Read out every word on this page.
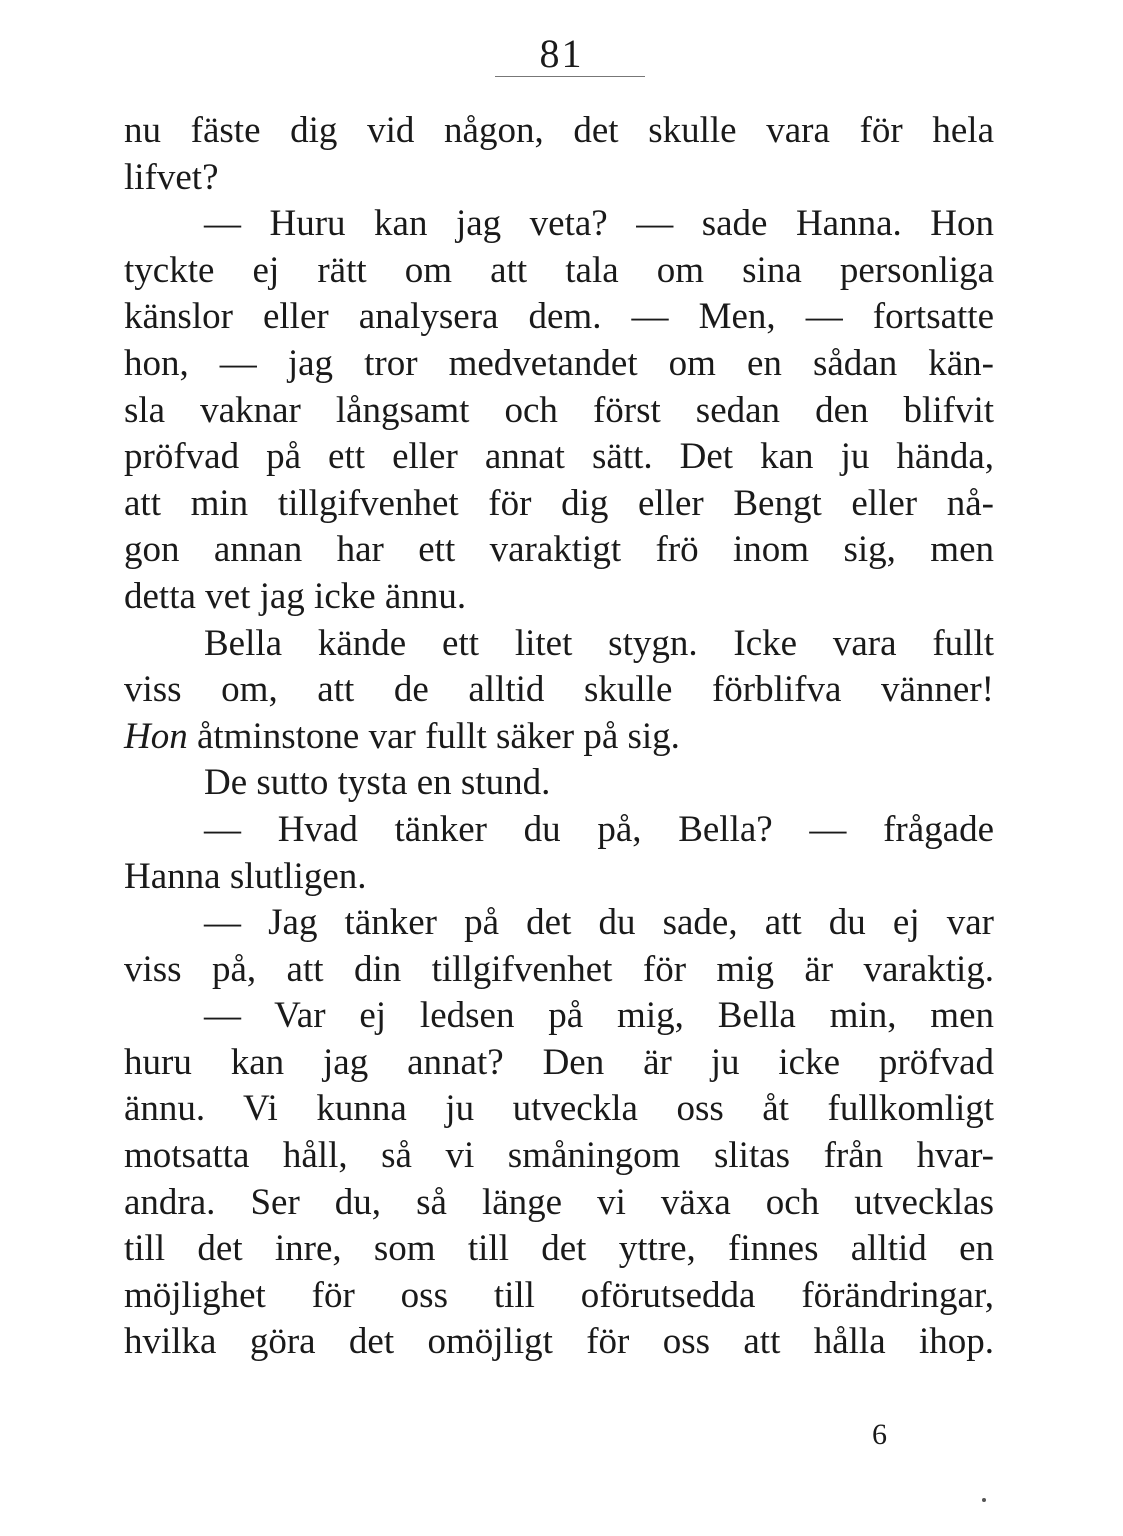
81
nu fäste dig vid någon, det skulle vara för hela
lifvet?
— Huru kan jag veta? — sade Hanna. Hon
tyckte ej rätt om att tala om sina personliga
känslor eller analysera dem. — Men, — fortsatte
hon, — jag tror medvetandet om en sådan kän-
sla vaknar långsamt och först sedan den blifvit
pröfvad på ett eller annat sätt. Det kan ju hända,
att min tillgifvenhet för dig eller Bengt eller nå-
gon annan har ett varaktigt frö inom sig, men
detta vet jag icke ännu.
Bella kände ett litet stygn. Icke vara fullt
viss om, att de alltid skulle förblifva vänner!
Hon åtminstone var fullt säker på sig.
De sutto tysta en stund.
— Hvad tänker du på, Bella? — frågade
Hanna slutligen.
— Jag tänker på det du sade, att du ej var
viss på, att din tillgifvenhet för mig är varaktig.
— Var ej ledsen på mig, Bella min, men
huru kan jag annat? Den är ju icke pröfvad
ännu. Vi kunna ju utveckla oss åt fullkomligt
motsatta håll, så vi småningom slitas från hvar-
andra. Ser du, så länge vi växa och utvecklas
till det inre, som till det yttre, finnes alltid en
möjlighet för oss till oförutsedda förändringar,
hvilka göra det omöjligt för oss att hålla ihop.
6
